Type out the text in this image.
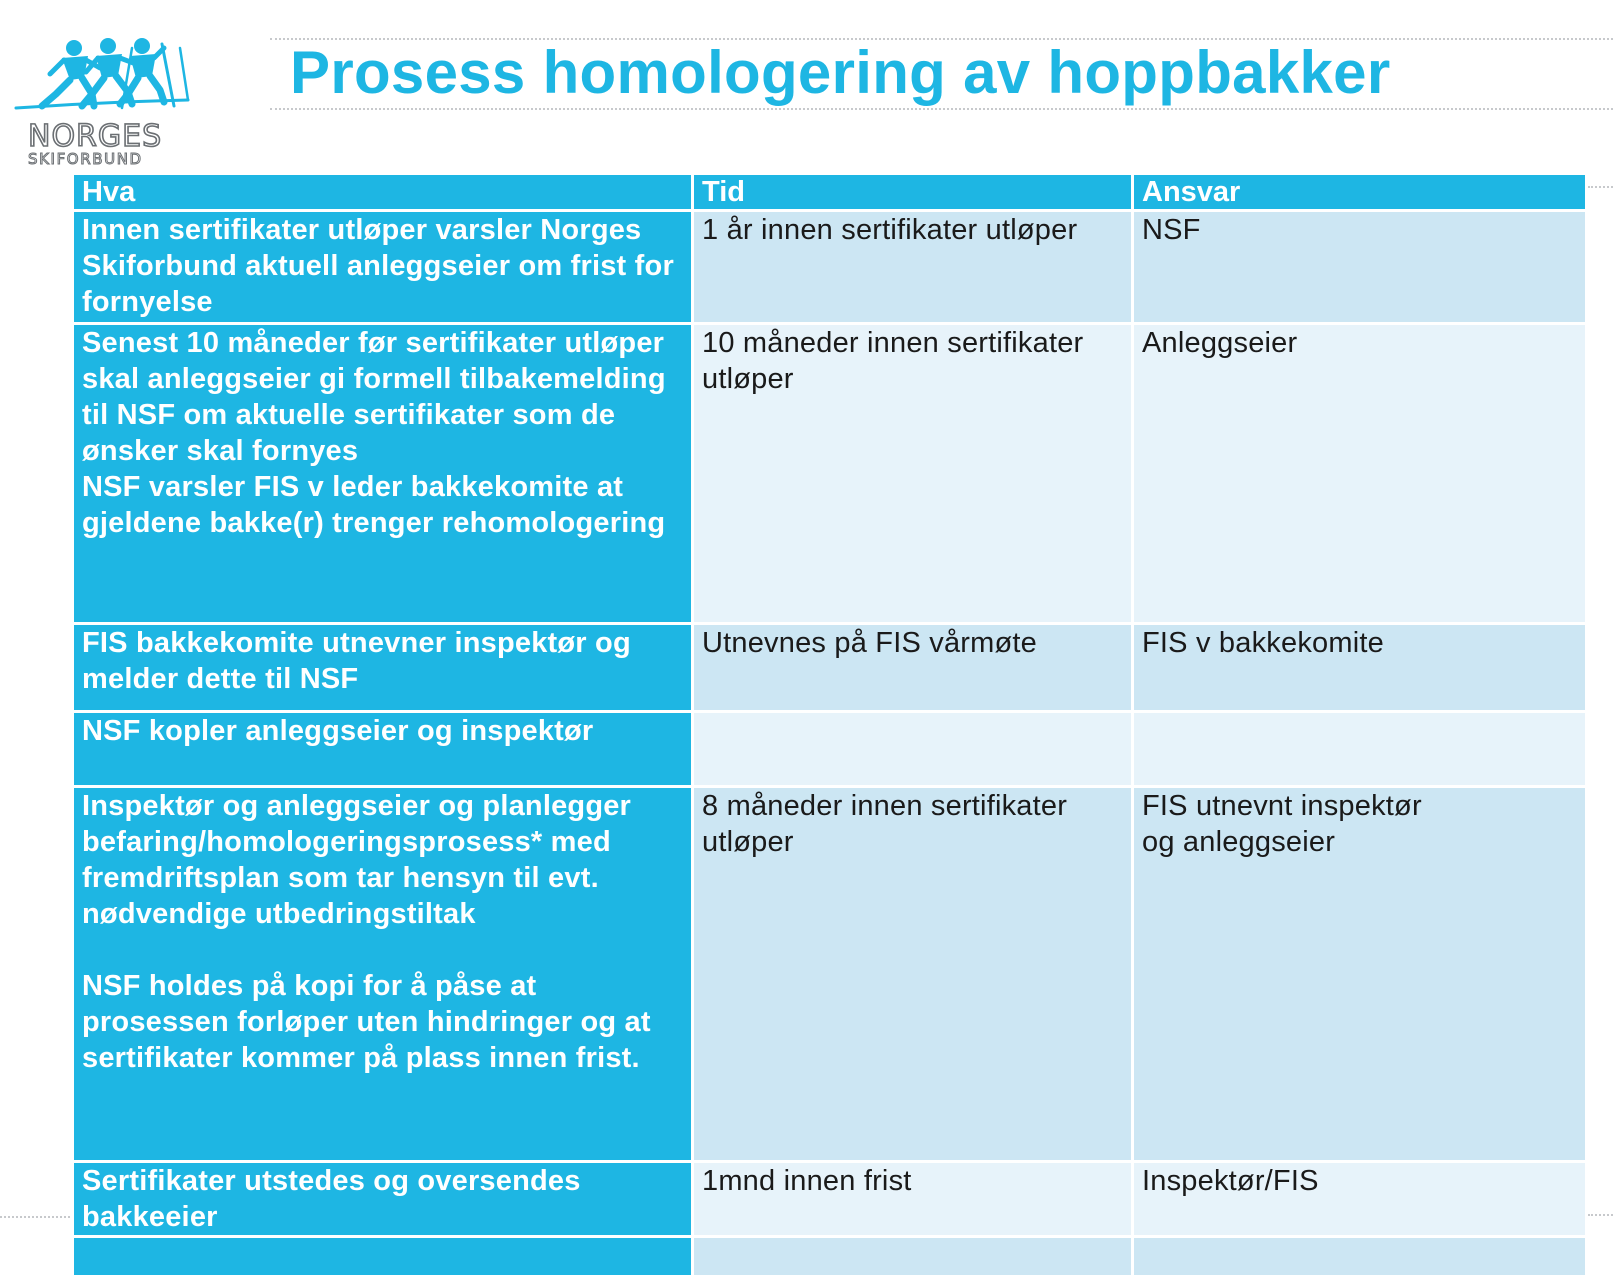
NORGES
SKIFORBUND
Prosess homologering av hoppbakker
Hva	Tid	Ansvar

Innen sertifikater utløper varsler Norges Skiforbund aktuell anleggseier om frist for fornyelse	1 år innen sertifikater utløper	NSF

Senest 10 måneder før sertifikater utløper skal anleggseier gi formell tilbakemelding til NSF om aktuelle sertifikater som de ønsker skal fornyes
NSF varsler FIS v leder bakkekomite at gjeldene bakke(r) trenger rehomologering	10 måneder innen sertifikater utløper	Anleggseier

FIS bakkekomite utnevner inspektør og melder dette til NSF	Utnevnes på FIS vårmøte	FIS v bakkekomite

NSF kopler anleggseier og inspektør		

Inspektør og anleggseier og planlegger befaring/homologeringsprosess* med fremdriftsplan som tar hensyn til evt. nødvendige utbedringstiltak
NSF holdes på kopi for å påse at prosessen forløper uten hindringer og at sertifikater kommer på plass innen frist.	8 måneder innen sertifikater utløper	FIS utnevnt inspektør og anleggseier

Sertifikater utstedes og oversendes bakkeeier	1mnd innen frist	Inspektør/FIS
